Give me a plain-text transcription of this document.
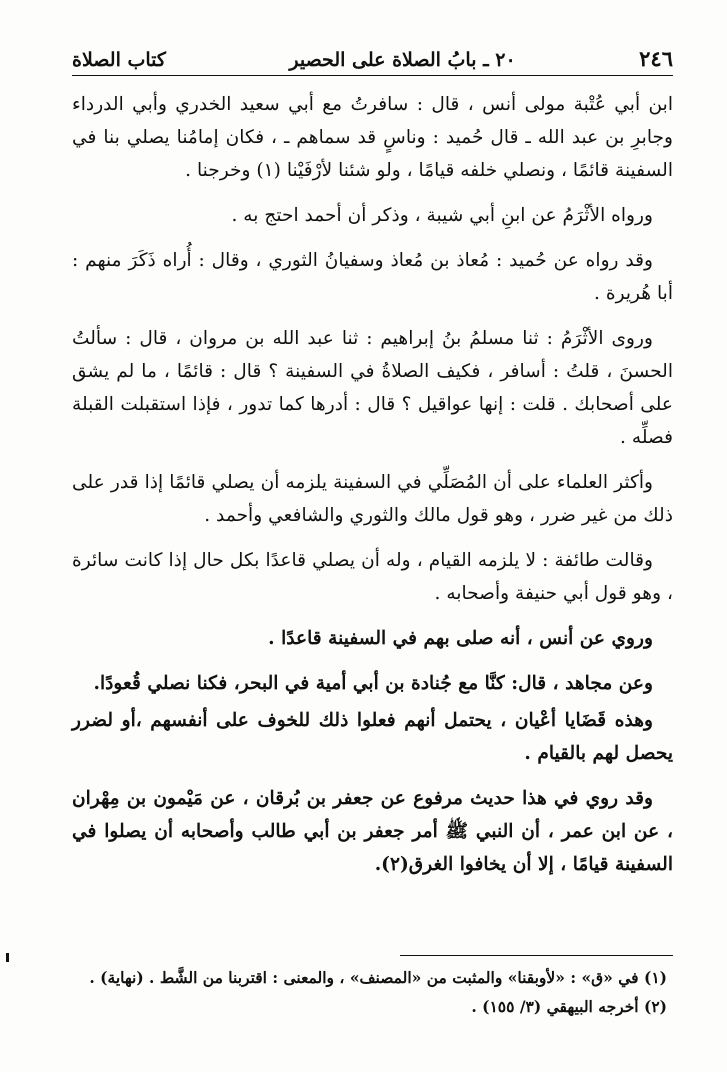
٢٤٦
٢٠ ـ بابُ الصلاة على الحصير
كتاب الصلاة

ابن أبي عُتْبة مولى أنس ، قال : سافرتُ مع أبي سعيد الخدري وأبي الدرداء وجابرِ بن عبد الله ـ قال حُميد : وناسٍ قد سماهم ـ ، فكان إمامُنا يصلي بنا في السفينة قائمًا ، ونصلي خلفه قيامًا ، ولو شئنا لأرْفَيْنا (١) وخرجنا .

ورواه الأثْرَمُ عن ابنِ أبي شيبة ، وذكر أن أحمد احتج به .

وقد رواه عن حُميد : مُعاذ بن مُعاذ وسفيانُ الثوري ، وقال : أُراه ذَكَرَ منهم : أبا هُريرة .

وروى الأثْرَمُ : ثنا مسلمُ بنُ إبراهيم : ثنا عبد الله بن مروان ، قال : سألتُ الحسنَ ، قلتُ : أسافر ، فكيف الصلاةُ في السفينة ؟ قال : قائمًا ، ما لم يشق على أصحابك . قلت : إنها عواقيل ؟ قال : أدرها كما تدور ، فإذا استقبلت القبلة فصلِّه .

وأكثر العلماء على أن المُصَلِّي في السفينة يلزمه أن يصلي قائمًا إذا قدر على ذلك من غير ضرر ، وهو قول مالك والثوري والشافعي وأحمد .

وقالت طائفة : لا يلزمه القيام ، وله أن يصلي قاعدًا بكل حال إذا كانت سائرة ، وهو قول أبي حنيفة وأصحابه .

وروي عن أنس ، أنه صلى بهم في السفينة قاعدًا .

وعن مجاهد ، قال: كنَّا مع جُنادة بن أبي أمية في البحر، فكنا نصلي قُعودًا.

وهذه قَضَايا أعْيان ، يحتمل أنهم فعلوا ذلك للخوف على أنفسهم ،أو لضرر يحصل لهم بالقيام .

وقد روي في هذا حديث مرفوع عن جعفر بن بُرقان ، عن مَيْمون بن مِهْران ، عن ابن عمر ، أن النبي ﷺ أمر جعفر بن أبي طالب وأصحابه أن يصلوا في السفينة قيامًا ، إلا أن يخافوا الغرق(٢).

(١) في «ق» : «لأوبقنا» والمثبت من «المصنف» ، والمعنى : اقتربنا من الشَّط . (نهاية) .

(٢) أخرجه البيهقي (٣/ ١٥٥) .
